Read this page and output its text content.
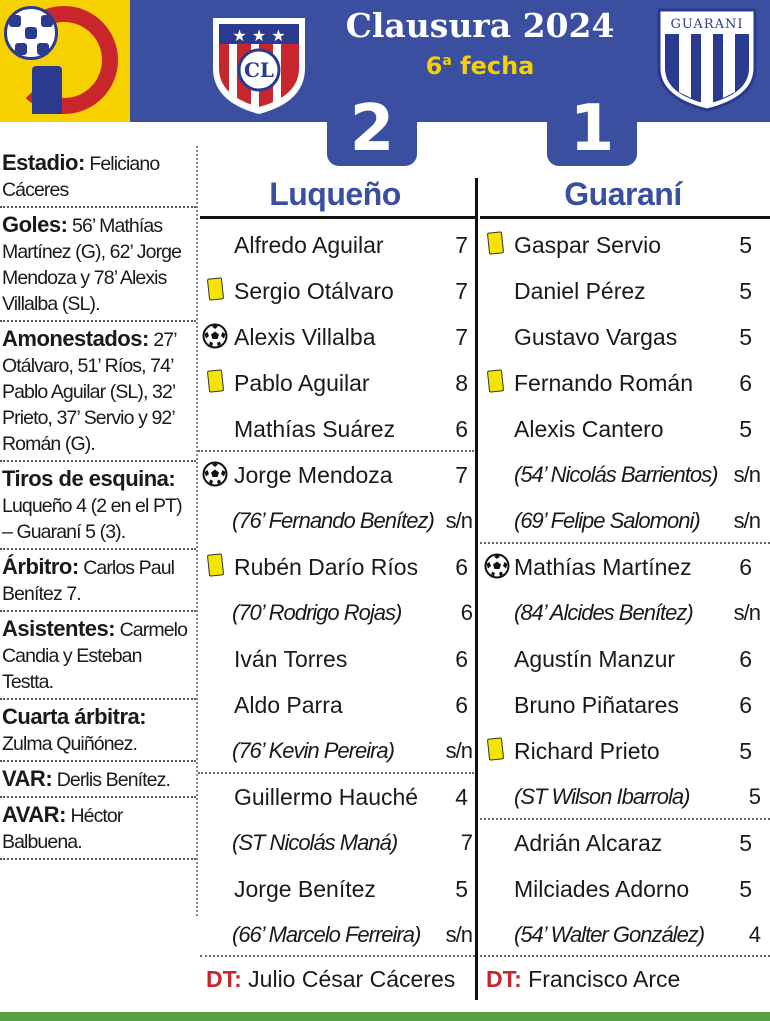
★ ★ ★
CL
Clausura 2024
6$^a$ fecha
GUARANI
2	1
Estadio: Feliciano Cáceres
Goles: 56’ Mathías Martínez (G), 62’ Jorge Mendoza y 78’ Alexis Villalba (SL).
Amonestados: 27’ Otálvaro, 51’ Ríos, 74’ Pablo Aguilar (SL), 32’ Prieto, 37’ Servio y 92’ Román (G).
Tiros de esquina: Luqueño 4 (2 en el PT) – Guaraní 5 (3).
Árbitro: Carlos Paul Benítez 7.
Asistentes: Carmelo Candia y Esteban Testta.
Cuarta árbitra: Zulma Quiñónez.
VAR: Derlis Benítez.
AVAR: Héctor Balbuena.
Luqueño	Guaraní
Alfredo Aguilar	7
Sergio Otálvaro	7
Alexis Villalba	7
Pablo Aguilar	8
Mathías Suárez	6
Jorge Mendoza	7
(76’ Fernando Benítez) s/n
Rubén Darío Ríos 6
(70’ Rodrigo Rojas)	6
Iván Torres	6
Aldo Parra	6
(76’ Kevin Pereira) s/n
Guillermo Hauché 4
(ST Nicolás Maná)	7
Jorge Benítez	5
(66’ Marcelo Ferreira) s/n
Gaspar Servio	5
Daniel Pérez	5
Gustavo Vargas	5
Fernando Román 6
Alexis Cantero	5
(54’ Nicolás Barrientos) s/n
(69’ Felipe Salomoni) s/n
Mathías Martínez 6
(84’ Alcides Benítez) s/n
Agustín Manzur	6
Bruno Piñatares	6
Richard Prieto	5
(ST Wilson Ibarrola)	5
Adrián Alcaraz	5
Milciades Adorno 5
(54’ Walter González) 4
DT: Julio César Cáceres DT: Francisco Arce
